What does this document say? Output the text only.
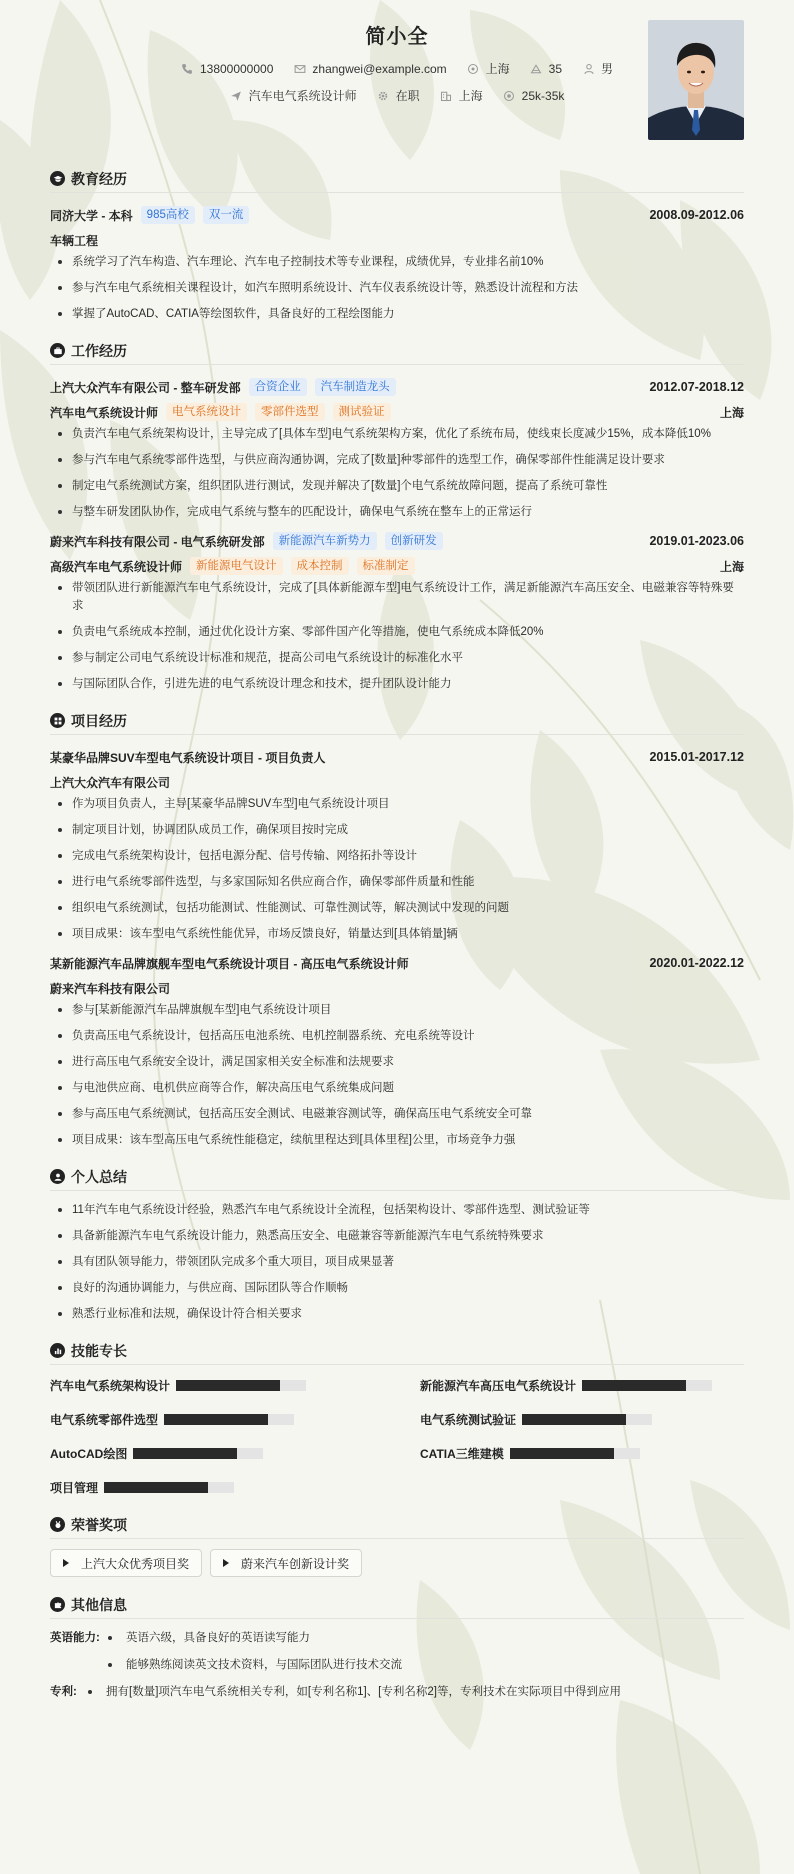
简小全
13800000000	zhangwei@example.com	上海	35	男
汽车电气系统设计师	在职	上海	25k-35k
教育经历
同济大学 - 本科	985高校	双一流	2008.09-2012.06
车辆工程
系统学习了汽车构造、汽车理论、汽车电子控制技术等专业课程，成绩优异，专业排名前10%
参与汽车电气系统相关课程设计，如汽车照明系统设计、汽车仪表系统设计等，熟悉设计流程和方法
掌握了AutoCAD、CATIA等绘图软件，具备良好的工程绘图能力
工作经历
上汽大众汽车有限公司 - 整车研发部	合资企业	汽车制造龙头	2012.07-2018.12
汽车电气系统设计师	电气系统设计	零部件选型	测试验证	上海
负责汽车电气系统架构设计，主导完成了[具体车型]电气系统架构方案，优化了系统布局，使线束长度减少15%，成本降低10%
参与汽车电气系统零部件选型，与供应商沟通协调，完成了[数量]种零部件的选型工作，确保零部件性能满足设计要求
制定电气系统测试方案，组织团队进行测试，发现并解决了[数量]个电气系统故障问题，提高了系统可靠性
与整车研发团队协作，完成电气系统与整车的匹配设计，确保电气系统在整车上的正常运行
蔚来汽车科技有限公司 - 电气系统研发部	新能源汽车新势力	创新研发	2019.01-2023.06
高级汽车电气系统设计师	新能源电气设计	成本控制	标准制定	上海
带领团队进行新能源汽车电气系统设计，完成了[具体新能源车型]电气系统设计工作，满足新能源汽车高压安全、电磁兼容等特殊要求
负责电气系统成本控制，通过优化设计方案、零部件国产化等措施，使电气系统成本降低20%
参与制定公司电气系统设计标准和规范，提高公司电气系统设计的标准化水平
与国际团队合作，引进先进的电气系统设计理念和技术，提升团队设计能力
项目经历
某豪华品牌SUV车型电气系统设计项目 - 项目负责人	2015.01-2017.12
上汽大众汽车有限公司
作为项目负责人，主导[某豪华品牌SUV车型]电气系统设计项目
制定项目计划，协调团队成员工作，确保项目按时完成
完成电气系统架构设计，包括电源分配、信号传输、网络拓扑等设计
进行电气系统零部件选型，与多家国际知名供应商合作，确保零部件质量和性能
组织电气系统测试，包括功能测试、性能测试、可靠性测试等，解决测试中发现的问题
项目成果：该车型电气系统性能优异，市场反馈良好，销量达到[具体销量]辆
某新能源汽车品牌旗舰车型电气系统设计项目 - 高压电气系统设计师	2020.01-2022.12
蔚来汽车科技有限公司
参与[某新能源汽车品牌旗舰车型]电气系统设计项目
负责高压电气系统设计，包括高压电池系统、电机控制器系统、充电系统等设计
进行高压电气系统安全设计，满足国家相关安全标准和法规要求
与电池供应商、电机供应商等合作，解决高压电气系统集成问题
参与高压电气系统测试，包括高压安全测试、电磁兼容测试等，确保高压电气系统安全可靠
项目成果：该车型高压电气系统性能稳定，续航里程达到[具体里程]公里，市场竞争力强
个人总结
11年汽车电气系统设计经验，熟悉汽车电气系统设计全流程，包括架构设计、零部件选型、测试验证等
具备新能源汽车电气系统设计能力，熟悉高压安全、电磁兼容等新能源汽车电气系统特殊要求
具有团队领导能力，带领团队完成多个重大项目，项目成果显著
良好的沟通协调能力，与供应商、国际团队等合作顺畅
熟悉行业标准和法规，确保设计符合相关要求
技能专长
汽车电气系统架构设计	新能源汽车高压电气系统设计
电气系统零部件选型	电气系统测试验证
AutoCAD绘图	CATIA三维建模
项目管理
荣誉奖项
上汽大众优秀项目奖	蔚来汽车创新设计奖
其他信息
英语能力:	英语六级，具备良好的英语读写能力
能够熟练阅读英文技术资料，与国际团队进行技术交流
专利:	拥有[数量]项汽车电气系统相关专利，如[专利名称1]、[专利名称2]等，专利技术在实际项目中得到应用
